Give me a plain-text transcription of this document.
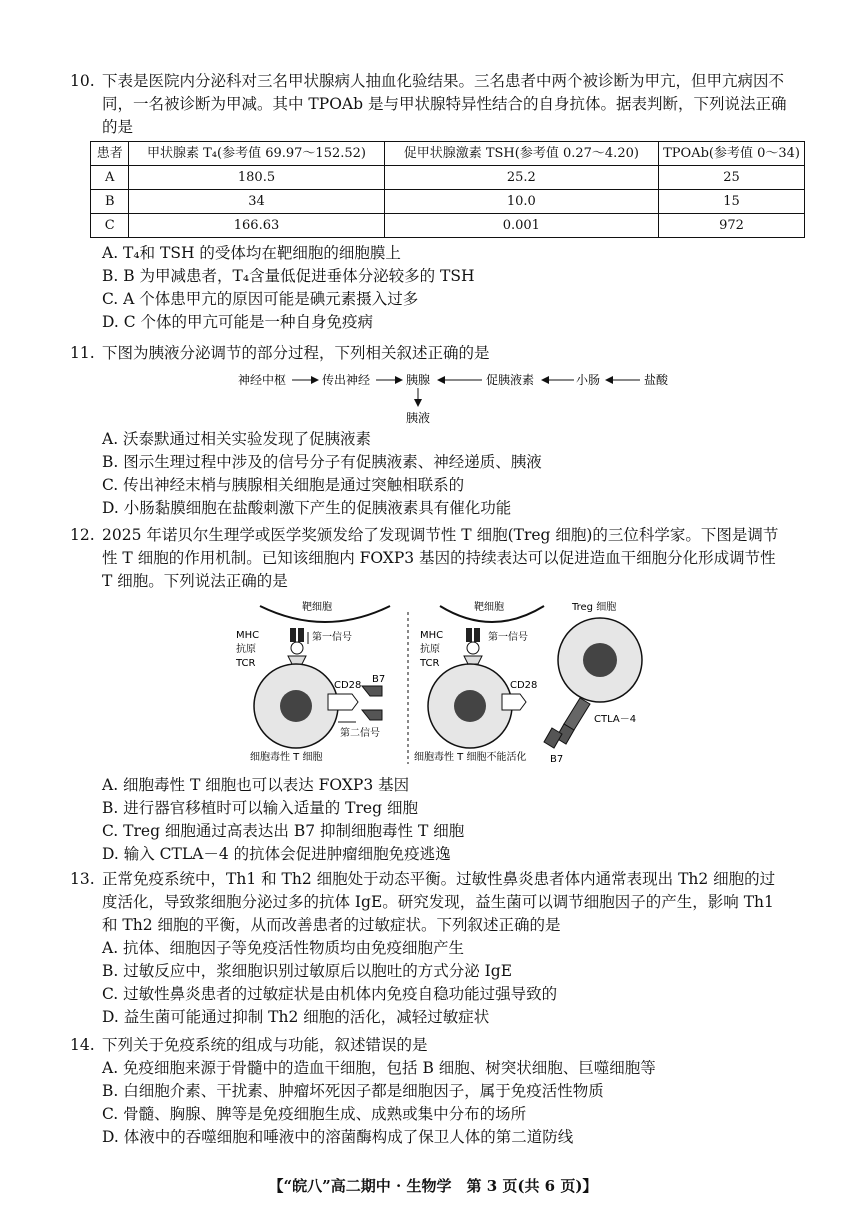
10. 下表是医院内分泌科对三名甲状腺病人抽血化验结果。三名患者中两个被诊断为甲亢，但甲亢病因不同，一名被诊断为甲减。其中 TPOAb 是与甲状腺特异性结合的自身抗体。据表判断，下列说法正确的是

患者	甲状腺素 T₄(参考值 69.97～152.52)	促甲状腺激素 TSH(参考值 0.27～4.20)	TPOAb(参考值 0～34)
A	180.5	25.2	25
B	34	10.0	15
C	166.63	0.001	972

A. T₄和 TSH 的受体均在靶细胞的细胞膜上

B. B 为甲减患者，T₄含量低促进垂体分泌较多的 TSH

C. A 个体患甲亢的原因可能是碘元素摄入过多

D. C 个体的甲亢可能是一种自身免疫病

11. 下图为胰液分泌调节的部分过程，下列相关叙述正确的是

神经中枢	传出神经	胰腺	促胰液素	小肠	盐酸
胰液

A. 沃泰默通过相关实验发现了促胰液素

B. 图示生理过程中涉及的信号分子有促胰液素、神经递质、胰液

C. 传出神经末梢与胰腺相关细胞是通过突触相联系的

D. 小肠黏膜细胞在盐酸刺激下产生的促胰液素具有催化功能

12. 2025 年诺贝尔生理学或医学奖颁发给了发现调节性 T 细胞(Treg 细胞)的三位科学家。下图是调节性 T 细胞的作用机制。已知该细胞内 FOXP3 基因的持续表达可以促进造血干细胞分化形成调节性 T 细胞。下列说法正确的是

靶细胞
MHC
抗原
TCR
第一信号
CD28
B7
第二信号
细胞毒性 T 细胞
靶细胞
MHC
抗原
TCR
第一信号
CD28
细胞毒性 T 细胞不能活化
Treg 细胞
CTLA－4
B7

A. 细胞毒性 T 细胞也可以表达 FOXP3 基因

B. 进行器官移植时可以输入适量的 Treg 细胞

C. Treg 细胞通过高表达出 B7 抑制细胞毒性 T 细胞

D. 输入 CTLA－4 的抗体会促进肿瘤细胞免疫逃逸

13. 正常免疫系统中，Th1 和 Th2 细胞处于动态平衡。过敏性鼻炎患者体内通常表现出 Th2 细胞的过度活化，导致浆细胞分泌过多的抗体 IgE。研究发现，益生菌可以调节细胞因子的产生，影响 Th1 和 Th2 细胞的平衡，从而改善患者的过敏症状。下列叙述正确的是

A. 抗体、细胞因子等免疫活性物质均由免疫细胞产生

B. 过敏反应中，浆细胞识别过敏原后以胞吐的方式分泌 IgE

C. 过敏性鼻炎患者的过敏症状是由机体内免疫自稳功能过强导致的

D. 益生菌可能通过抑制 Th2 细胞的活化，减轻过敏症状

14. 下列关于免疫系统的组成与功能，叙述错误的是

A. 免疫细胞来源于骨髓中的造血干细胞，包括 B 细胞、树突状细胞、巨噬细胞等

B. 白细胞介素、干扰素、肿瘤坏死因子都是细胞因子，属于免疫活性物质

C. 骨髓、胸腺、脾等是免疫细胞生成、成熟或集中分布的场所

D. 体液中的吞噬细胞和唾液中的溶菌酶构成了保卫人体的第二道防线

【“皖八”高二期中 · 生物学　第 3 页(共 6 页)】
